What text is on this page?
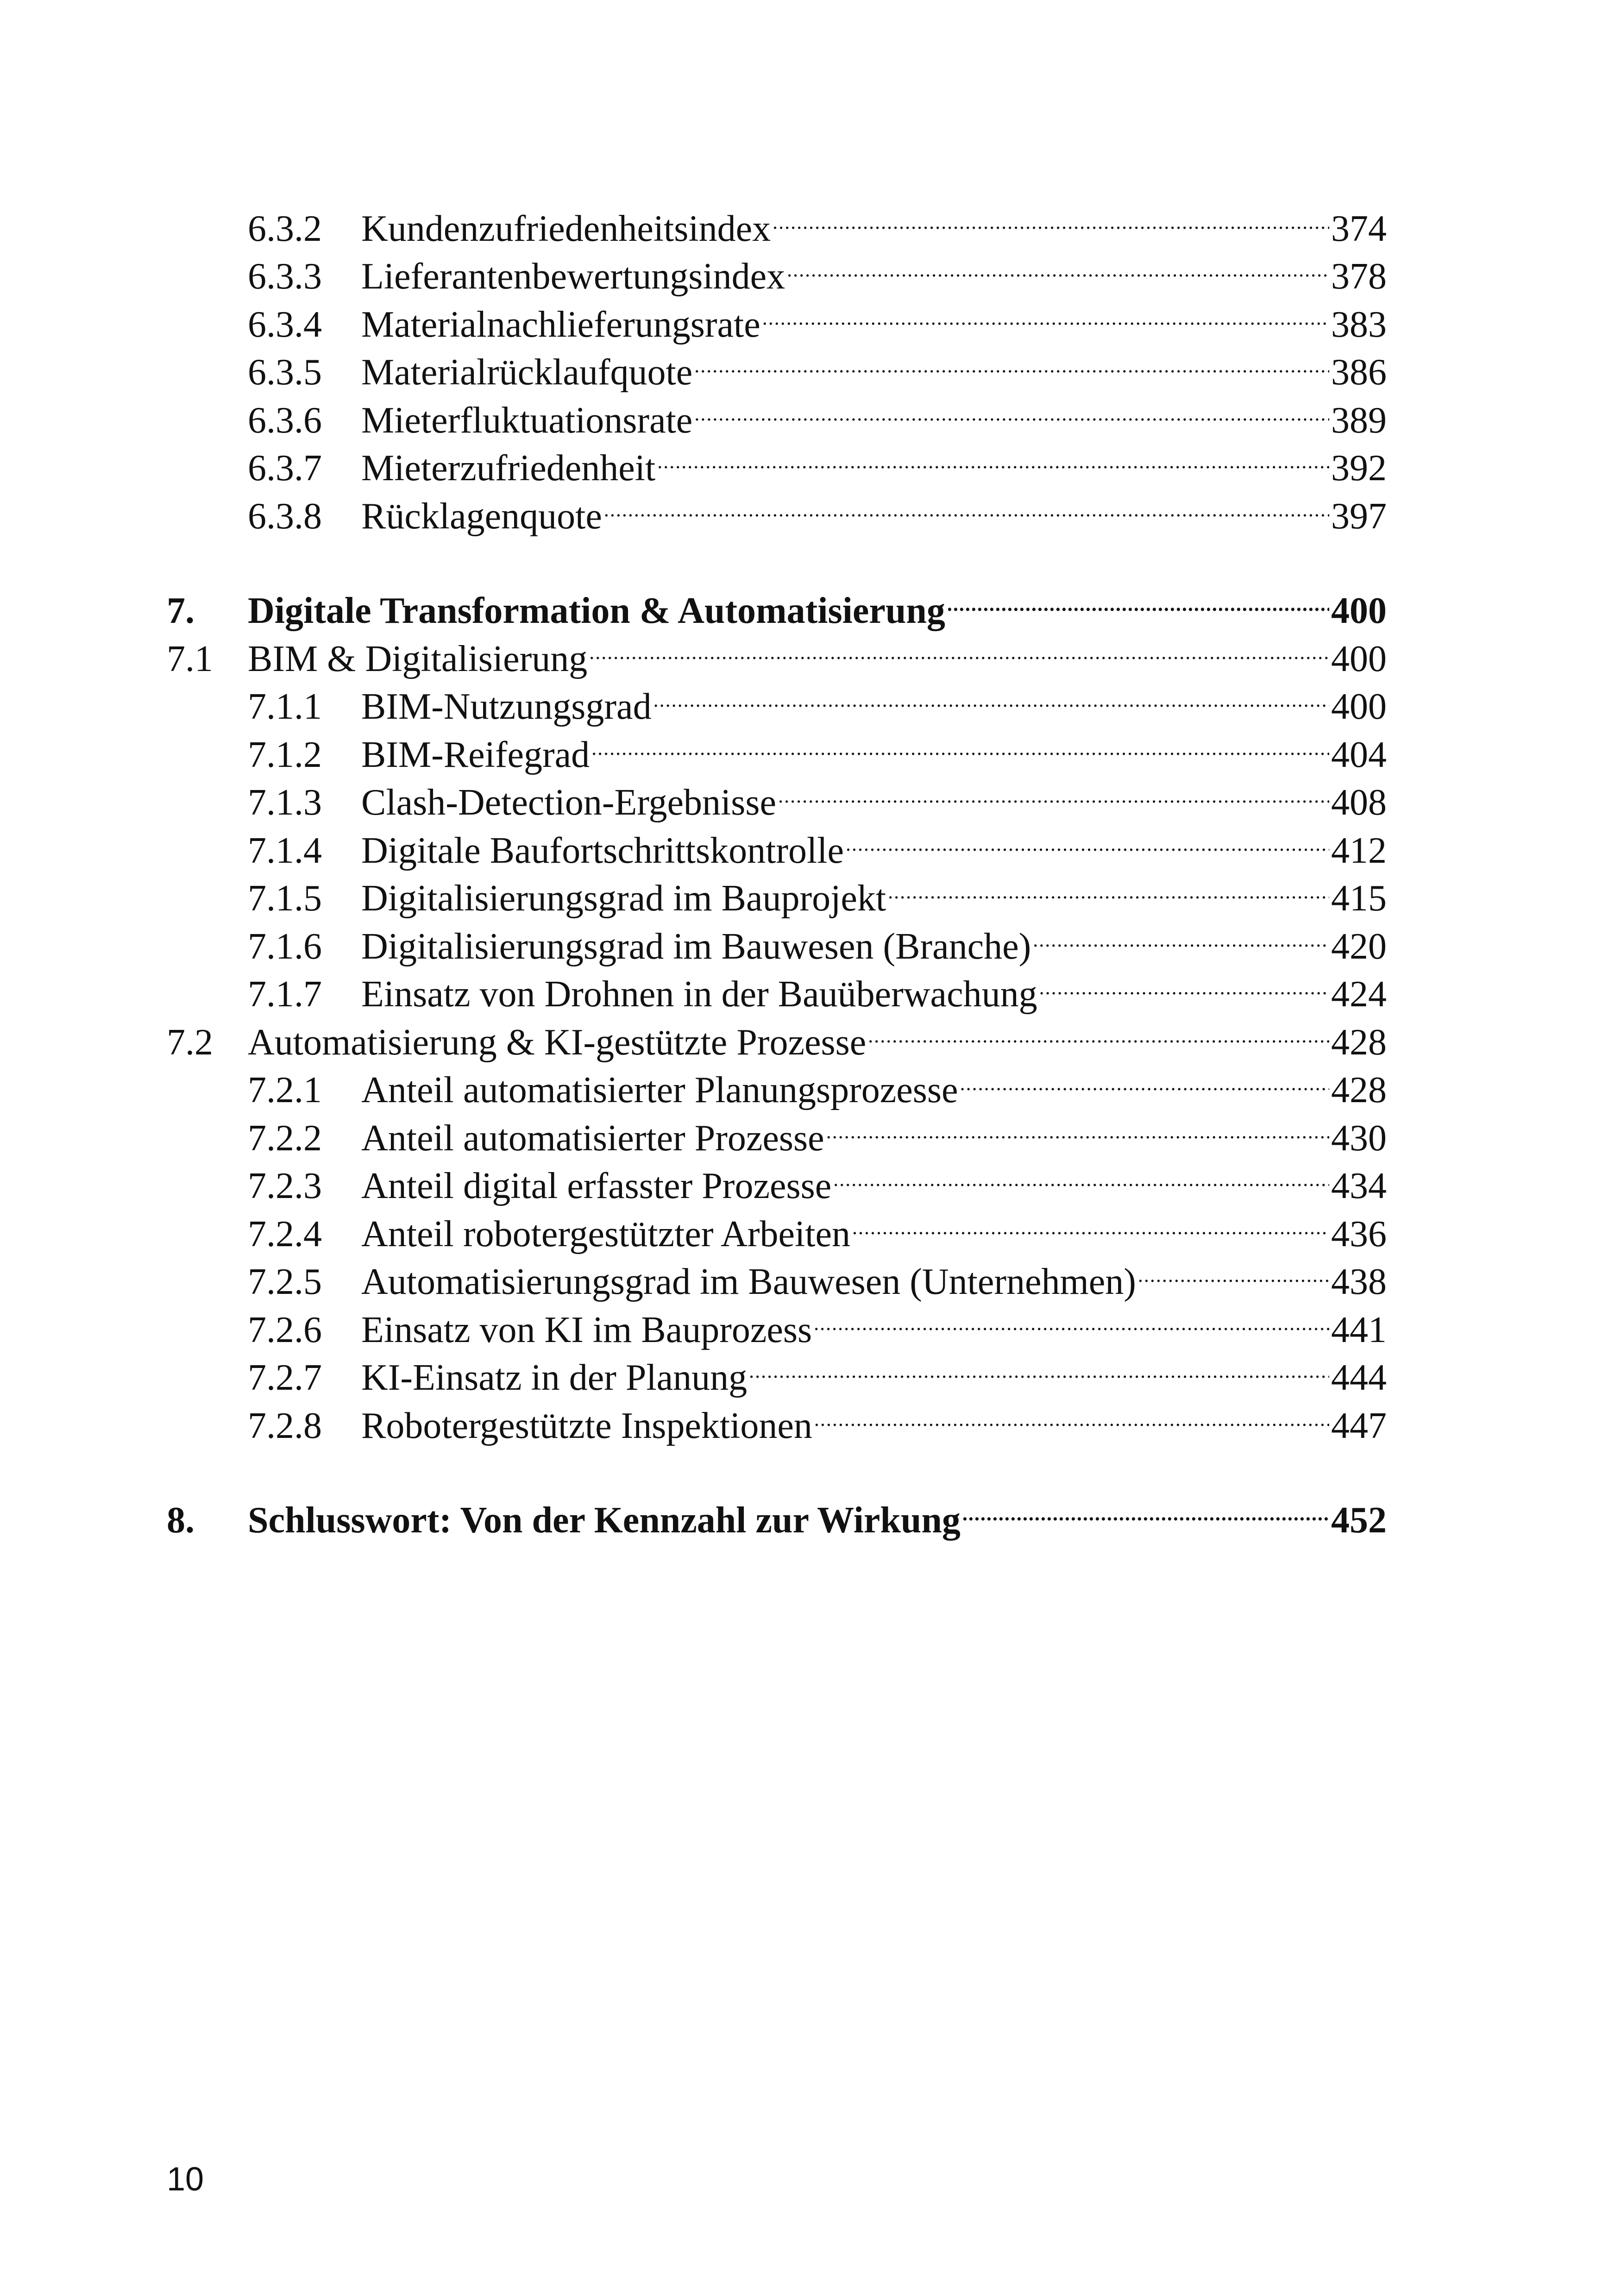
6.3.2	Kundenzufriedenheitsindex .....	374
6.3.3	Lieferantenbewertungsindex .....	378
6.3.4	Materialnachlieferungsrate .....	383
6.3.5	Materialrücklaufquote .....	386
6.3.6	Mieterfluktuationsrate .....	389
6.3.7	Mieterzufriedenheit .....	392
6.3.8	Rücklagenquote .....	397
7.	Digitale Transformation & Automatisierung .....	400
7.1 BIM & Digitalisierung .....	400
7.1.1	BIM-Nutzungsgrad .....	400
7.1.2	BIM-Reifegrad .....	404
7.1.3	Clash-Detection-Ergebnisse .....	408
7.1.4	Digitale Baufortschrittskontrolle .....	412
7.1.5	Digitalisierungsgrad im Bauprojekt .....	415
7.1.6	Digitalisierungsgrad im Bauwesen (Branche) .....	420
7.1.7	Einsatz von Drohnen in der Bauüberwachung .....	424
7.2 Automatisierung & KI-gestützte Prozesse .....	428
7.2.1	Anteil automatisierter Planungsprozesse .....	428
7.2.2	Anteil automatisierter Prozesse .....	430
7.2.3	Anteil digital erfasster Prozesse .....	434
7.2.4	Anteil robotergestützter Arbeiten .....	436
7.2.5	Automatisierungsgrad im Bauwesen (Unternehmen) .....	438
7.2.6	Einsatz von KI im Bauprozess .....	441
7.2.7	KI-Einsatz in der Planung .....	444
7.2.8	Robotergestützte Inspektionen .....	447
8.	Schlusswort: Von der Kennzahl zur Wirkung .....	452
10
